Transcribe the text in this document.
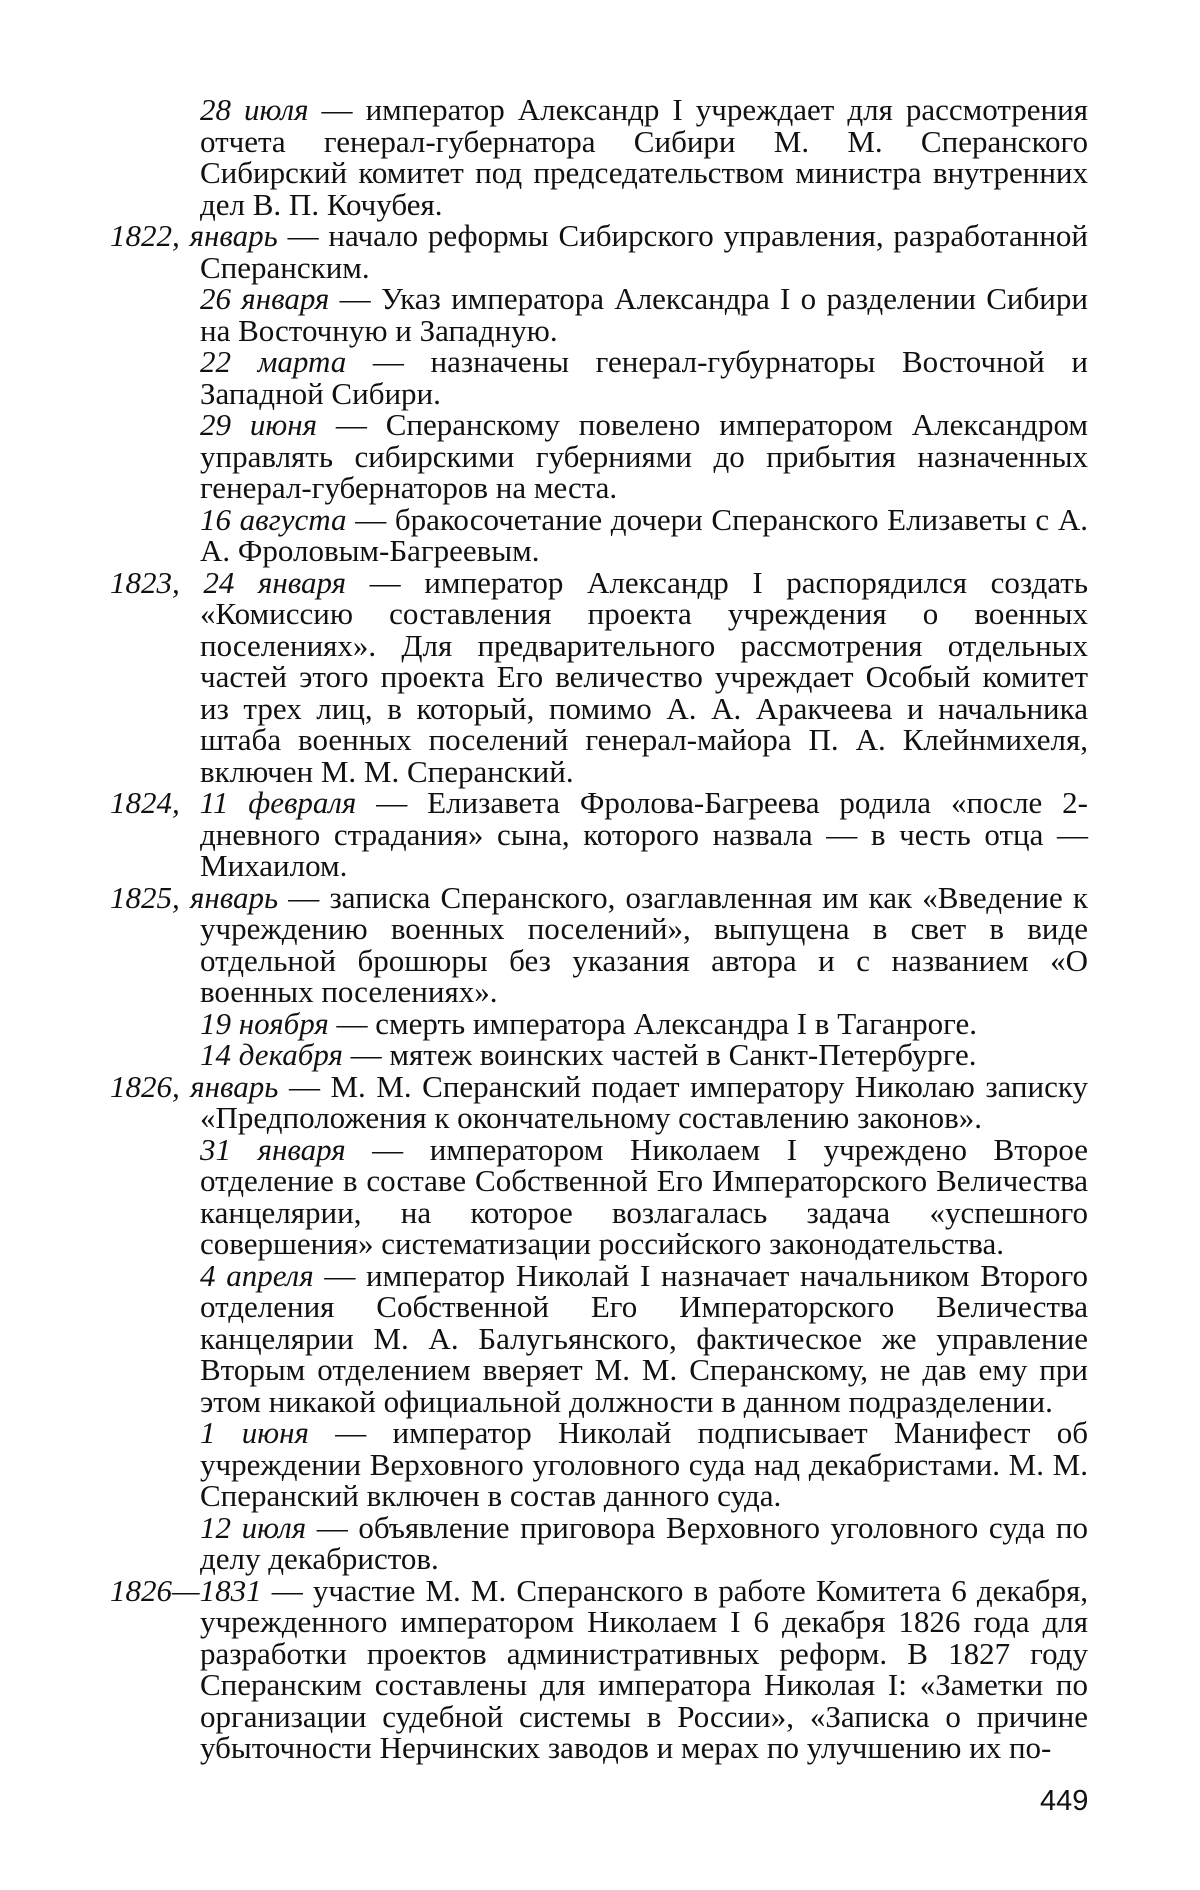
28 июля — император Александр I учреждает для рассмотрения отчета генерал-губернатора Сибири М. М. Сперанского Сибирский комитет под председательством министра внутренних дел В. П. Кочубея.

1822, январь — начало реформы Сибирского управления, разработанной Сперанским.

26 января — Указ императора Александра I о разделении Сибири на Восточную и Западную.

22 марта — назначены генерал-губурнаторы Восточной и Западной Сибири.

29 июня — Сперанскому повелено императором Александром управлять сибирскими губерниями до прибытия назначенных генерал-губернаторов на места.

16 августа — бракосочетание дочери Сперанского Елизаветы с А. А. Фроловым-Багреевым.

1823, 24 января — император Александр I распорядился создать «Комиссию составления проекта учреждения о военных поселениях». Для предварительного рассмотрения отдельных частей этого проекта Его величество учреждает Особый комитет из трех лиц, в который, помимо А. А. Аракчеева и начальника штаба военных поселений генерал-майора П. А. Клейнмихеля, включен М. М. Сперанский.

1824, 11 февраля — Елизавета Фролова-Багреева родила «после 2-дневного страдания» сына, которого назвала — в честь отца — Михаилом.

1825, январь — записка Сперанского, озаглавленная им как «Введение к учреждению военных поселений», выпущена в свет в виде отдельной брошюры без указания автора и с названием «О военных поселениях».

19 ноября — смерть императора Александра I в Таганроге.

14 декабря — мятеж воинских частей в Санкт-Петербурге.

1826, январь — М. М. Сперанский подает императору Николаю записку «Предположения к окончательному составлению законов».

31 января — императором Николаем I учреждено Второе отделение в составе Собственной Его Императорского Величества канцелярии, на которое возлагалась задача «успешного совершения» систематизации российского законодательства.

4 апреля — император Николай I назначает начальником Второго отделения Собственной Его Императорского Величества канцелярии М. А. Балугьянского, фактическое же управление Вторым отделением вверяет М. М. Сперанскому, не дав ему при этом никакой официальной должности в данном подразделении.

1 июня — император Николай подписывает Манифест об учреждении Верховного уголовного суда над декабристами. М. М. Сперанский включен в состав данного суда.

12 июля — объявление приговора Верховного уголовного суда по делу декабристов.

1826—1831 — участие М. М. Сперанского в работе Комитета 6 декабря, учрежденного императором Николаем I 6 декабря 1826 года для разработки проектов административных реформ. В 1827 году Сперанским составлены для императора Николая I: «Заметки по организации судебной системы в России», «Записка о причине убыточности Нерчинских заводов и мерах по улучшению их по-

449
